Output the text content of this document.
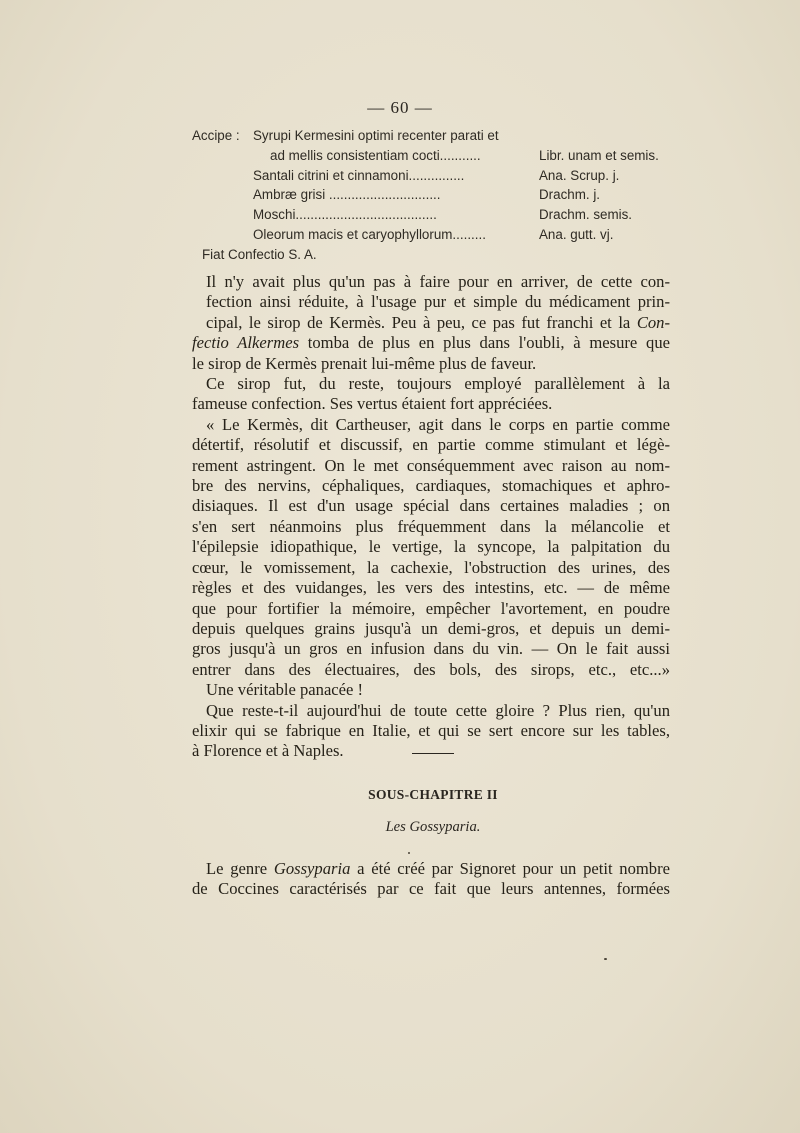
— 60 —
Accipe : Syrupi Kermesini optimi recenter parati et
ad mellis consistentiam cocti...........	Libr. unam et semis.
Santali citrini et cinnamoni...............	Ana. Scrup. j.
Ambræ grisi ..............................	Drachm. j.
Moschi......................................	Drachm. semis.
Oleorum macis et caryophyllorum.........	Ana. gutt. vj.
Fiat Confectio S. A.

Il n'y avait plus qu'un pas à faire pour en arriver, de cette con-
fection ainsi réduite, à l'usage pur et simple du médicament prin-
cipal, le sirop de Kermès. Peu à peu, ce pas fut franchi et la Con-
fectio Alkermes tomba de plus en plus dans l'oubli, à mesure que
le sirop de Kermès prenait lui-même plus de faveur.

Ce sirop fut, du reste, toujours employé parallèlement à la
fameuse confection. Ses vertus étaient fort appréciées.

« Le Kermès, dit Cartheuser, agit dans le corps en partie comme
détertif, résolutif et discussif, en partie comme stimulant et légè-
rement astringent. On le met conséquemment avec raison au nom-
bre des nervins, céphaliques, cardiaques, stomachiques et aphro-
disiaques. Il est d'un usage spécial dans certaines maladies ; on
s'en sert néanmoins plus fréquemment dans la mélancolie et
l'épilepsie idiopathique, le vertige, la syncope, la palpitation du
cœur, le vomissement, la cachexie, l'obstruction des urines, des
règles et des vuidanges, les vers des intestins, etc. — de même
que pour fortifier la mémoire, empêcher l'avortement, en poudre
depuis quelques grains jusqu'à un demi-gros, et depuis un demi-
gros jusqu'à un gros en infusion dans du vin. — On le fait aussi
entrer dans des électuaires, des bols, des sirops, etc., etc...»

Une véritable panacée !

Que reste-t-il aujourd'hui de toute cette gloire ? Plus rien, qu'un
elixir qui se fabrique en Italie, et qui se sert encore sur les tables,
à Florence et à Naples.

SOUS-CHAPITRE II
Les Gossyparia.
Le genre Gossyparia a été créé par Signoret pour un petit nombre
de Coccines caractérisés par ce fait que leurs antennes, formées
